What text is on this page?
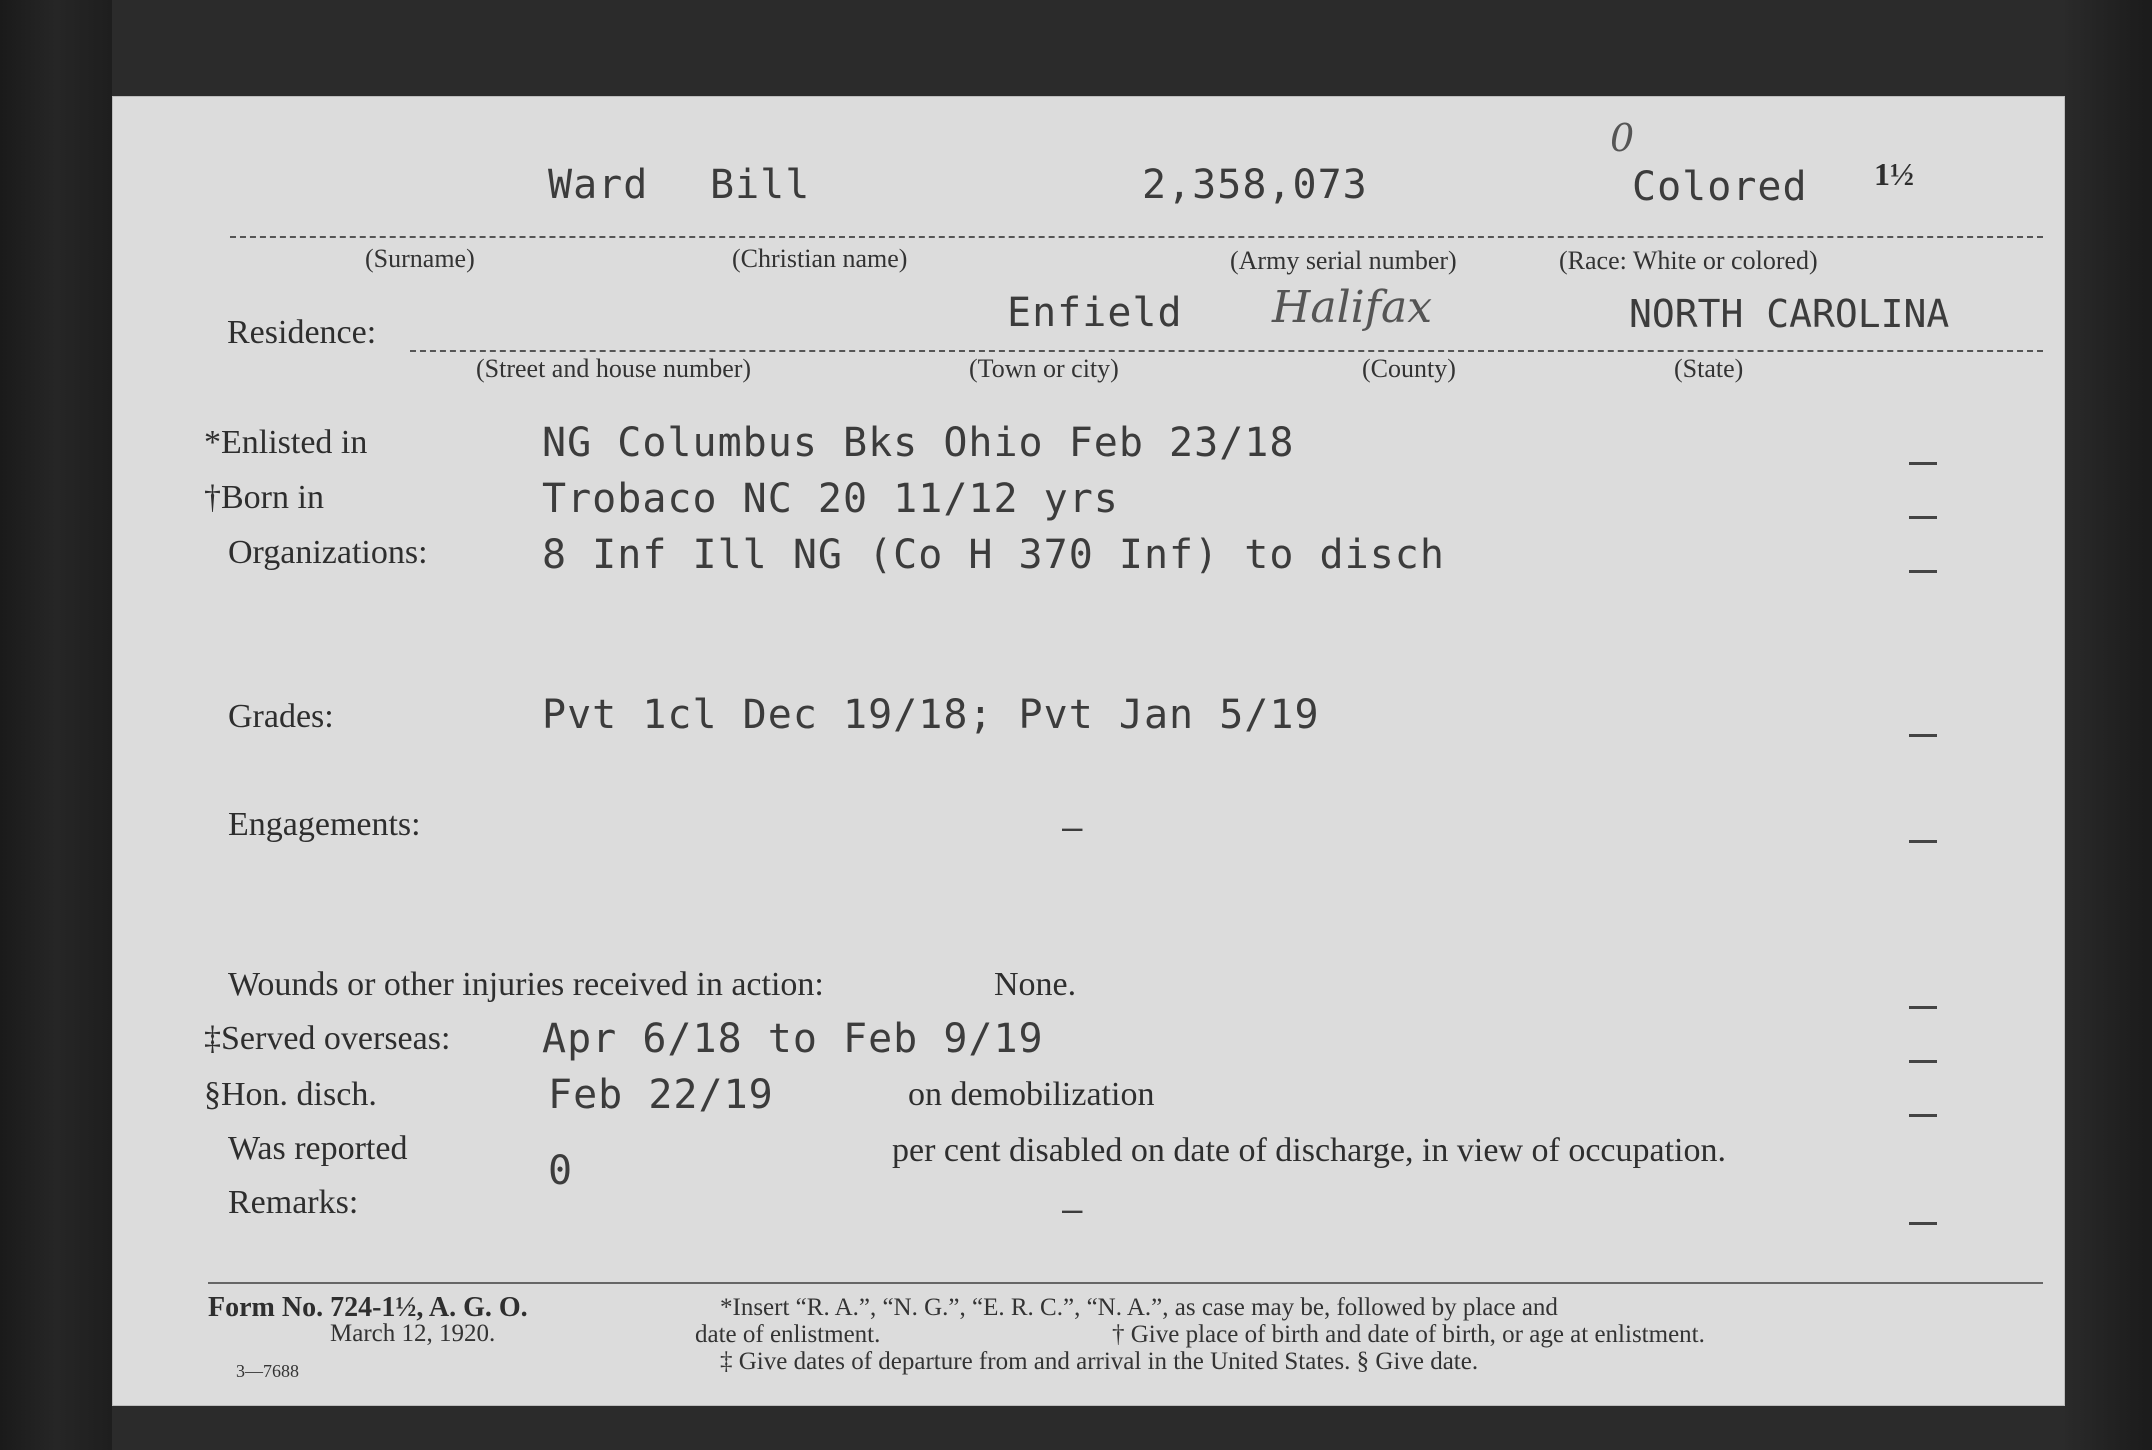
Ward Bill	2,358,073
0
Colored 1½
(Surname)	(Christian name)	(Army serial number)	(Race: White or colored)
Residence:	Enfield Halifax	NORTH CAROLINA
(Street and house number)	(Town or city)	(County)	(State)
*Enlisted in	NG Columbus Bks Ohio Feb 23/18
†Born in	Trobaco NC 20 11/12 yrs
Organizations:	8 Inf Ill NG (Co H 370 Inf) to disch
Grades:	Pvt 1cl Dec 19/18; Pvt Jan 5/19
Engagements:	—
Wounds or other injuries received in action:	None.
‡Served overseas: Apr 6/18 to Feb 9/19
§Hon. disch.	Feb 22/19	on demobilization
Was reported	0	per cent disabled on date of discharge, in view of occupation.
Remarks:	—
Form No. 724-1½, A. G. O.
March 12, 1920.
3—7688
*Insert “R. A.”, “N. G.”, “E. R. C.”, “N. A.”, as case may be, followed by place and
date of enlistment.	† Give place of birth and date of birth, or age at enlistment.
‡ Give dates of departure from and arrival in the United States. § Give date.
